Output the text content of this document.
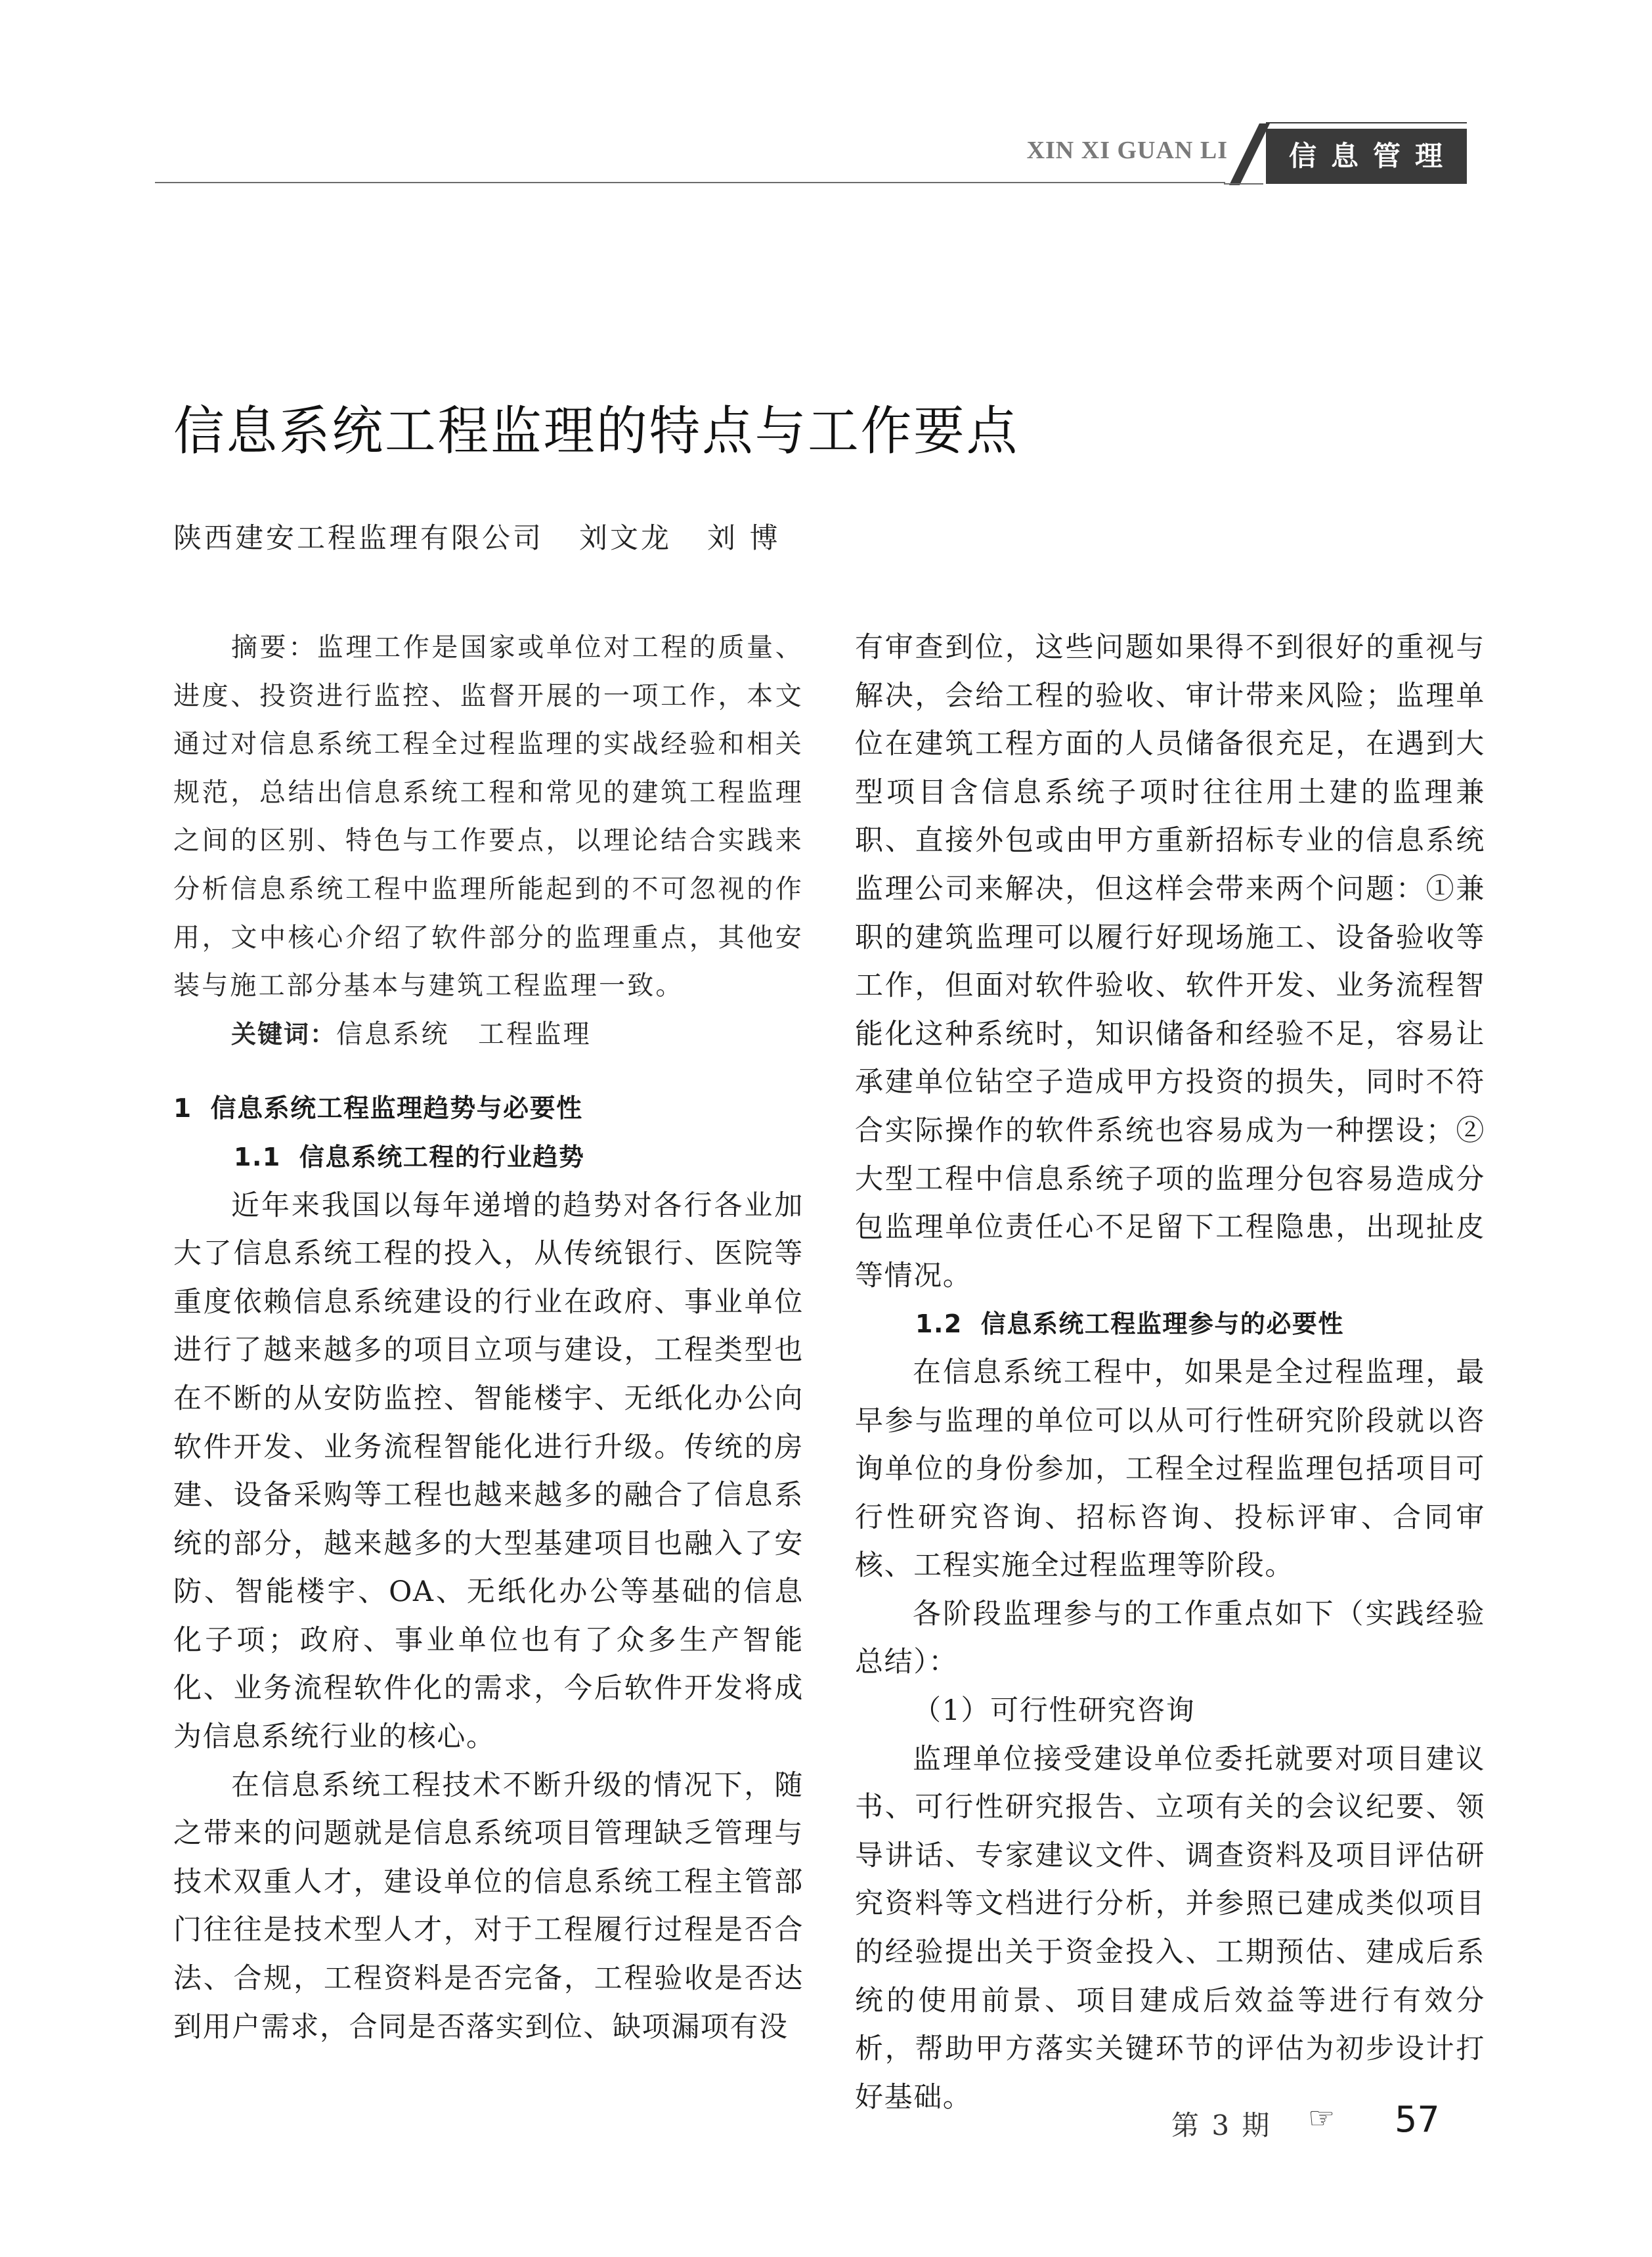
XIN XI GUAN LI	信息管理
信息系统工程监理的特点与工作要点
陕西建安工程监理有限公司 刘文龙 刘 博

摘要：监理工作是国家或单位对工程的质量、进度、投资进行监控、监督开展的一项工作，本文通过对信息系统工程全过程监理的实战经验和相关规范，总结出信息系统工程和常见的建筑工程监理之间的区别、特色与工作要点，以理论结合实践来分析信息系统工程中监理所能起到的不可忽视的作用，文中核心介绍了软件部分的监理重点，其他安装与施工部分基本与建筑工程监理一致。

关键词：信息系统　工程监理

1 信息系统工程监理趋势与必要性

1.1 信息系统工程的行业趋势

近年来我国以每年递增的趋势对各行各业加大了信息系统工程的投入，从传统银行、医院等重度依赖信息系统建设的行业在政府、事业单位进行了越来越多的项目立项与建设，工程类型也在不断的从安防监控、智能楼宇、无纸化办公向软件开发、业务流程智能化进行升级。传统的房建、设备采购等工程也越来越多的融合了信息系统的部分，越来越多的大型基建项目也融入了安防、智能楼宇、OA、无纸化办公等基础的信息化子项；政府、事业单位也有了众多生产智能化、业务流程软件化的需求，今后软件开发将成为信息系统行业的核心。

在信息系统工程技术不断升级的情况下，随之带来的问题就是信息系统项目管理缺乏管理与技术双重人才，建设单位的信息系统工程主管部门往往是技术型人才，对于工程履行过程是否合法、合规，工程资料是否完备，工程验收是否达到用户需求，合同是否落实到位、缺项漏项有没

有审查到位，这些问题如果得不到很好的重视与解决，会给工程的验收、审计带来风险；监理单位在建筑工程方面的人员储备很充足，在遇到大型项目含信息系统子项时往往用土建的监理兼职、直接外包或由甲方重新招标专业的信息系统监理公司来解决，但这样会带来两个问题：①兼职的建筑监理可以履行好现场施工、设备验收等工作，但面对软件验收、软件开发、业务流程智能化这种系统时，知识储备和经验不足，容易让承建单位钻空子造成甲方投资的损失，同时不符合实际操作的软件系统也容易成为一种摆设；②大型工程中信息系统子项的监理分包容易造成分包监理单位责任心不足留下工程隐患，出现扯皮等情况。

1.2 信息系统工程监理参与的必要性

在信息系统工程中，如果是全过程监理，最早参与监理的单位可以从可行性研究阶段就以咨询单位的身份参加，工程全过程监理包括项目可行性研究咨询、招标咨询、投标评审、合同审核、工程实施全过程监理等阶段。

各阶段监理参与的工作重点如下（实践经验总结）：

（1）可行性研究咨询

监理单位接受建设单位委托就要对项目建议书、可行性研究报告、立项有关的会议纪要、领导讲话、专家建议文件、调查资料及项目评估研究资料等文档进行分析，并参照已建成类似项目的经验提出关于资金投入、工期预估、建成后系统的使用前景、项目建成后效益等进行有效分析，帮助甲方落实关键环节的评估为初步设计打好基础。

第 3 期 ☞ 57
